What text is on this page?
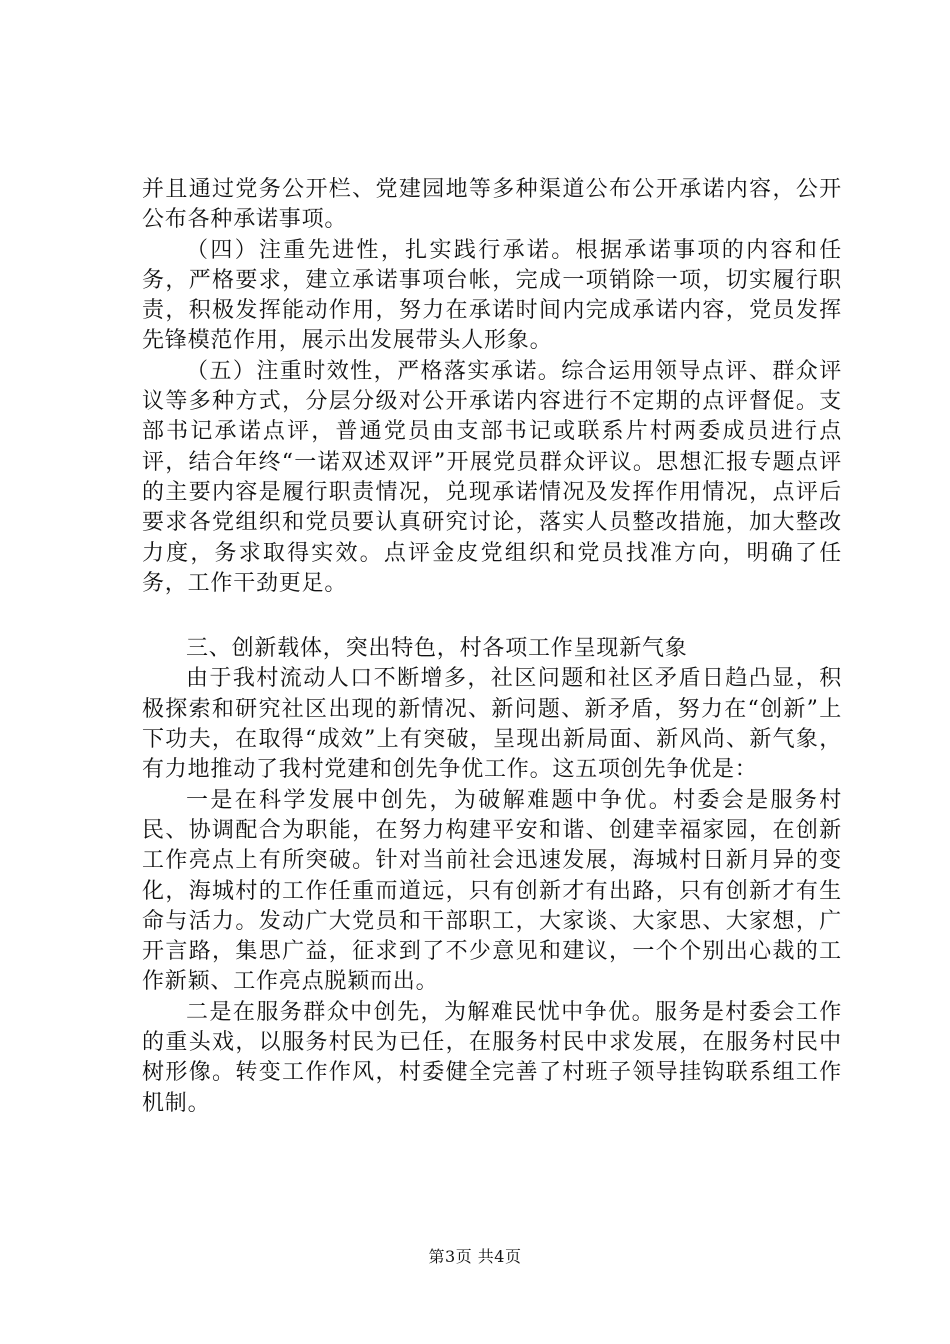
并且通过党务公开栏、党建园地等多种渠道公布公开承诺内容，公开公布各种承诺事项。

（四）注重先进性，扎实践行承诺。根据承诺事项的内容和任务，严格要求，建立承诺事项台帐，完成一项销除一项，切实履行职责，积极发挥能动作用，努力在承诺时间内完成承诺内容，党员发挥先锋模范作用，展示出发展带头人形象。

（五）注重时效性，严格落实承诺。综合运用领导点评、群众评议等多种方式，分层分级对公开承诺内容进行不定期的点评督促。支部书记承诺点评，普通党员由支部书记或联系片村两委成员进行点评，结合年终“一诺双述双评”开展党员群众评议。思想汇报专题点评的主要内容是履行职责情况，兑现承诺情况及发挥作用情况，点评后要求各党组织和党员要认真研究讨论，落实人员整改措施，加大整改力度，务求取得实效。点评金皮党组织和党员找准方向，明确了任务，工作干劲更足。

三、创新载体，突出特色，村各项工作呈现新气象

由于我村流动人口不断增多，社区问题和社区矛盾日趋凸显，积极探索和研究社区出现的新情况、新问题、新矛盾，努力在“创新”上下功夫，在取得“成效”上有突破，呈现出新局面、新风尚、新气象，有力地推动了我村党建和创先争优工作。这五项创先争优是：

一是在科学发展中创先，为破解难题中争优。村委会是服务村民、协调配合为职能，在努力构建平安和谐、创建幸福家园，在创新工作亮点上有所突破。针对当前社会迅速发展，海城村日新月异的变化，海城村的工作任重而道远，只有创新才有出路，只有创新才有生命与活力。发动广大党员和干部职工，大家谈、大家思、大家想，广开言路，集思广益，征求到了不少意见和建议，一个个别出心裁的工作新颖、工作亮点脱颖而出。

二是在服务群众中创先，为解难民忧中争优。服务是村委会工作的重头戏，以服务村民为已任，在服务村民中求发展，在服务村民中树形像。转变工作作风，村委健全完善了村班子领导挂钩联系组工作机制。

第3页 共4页
